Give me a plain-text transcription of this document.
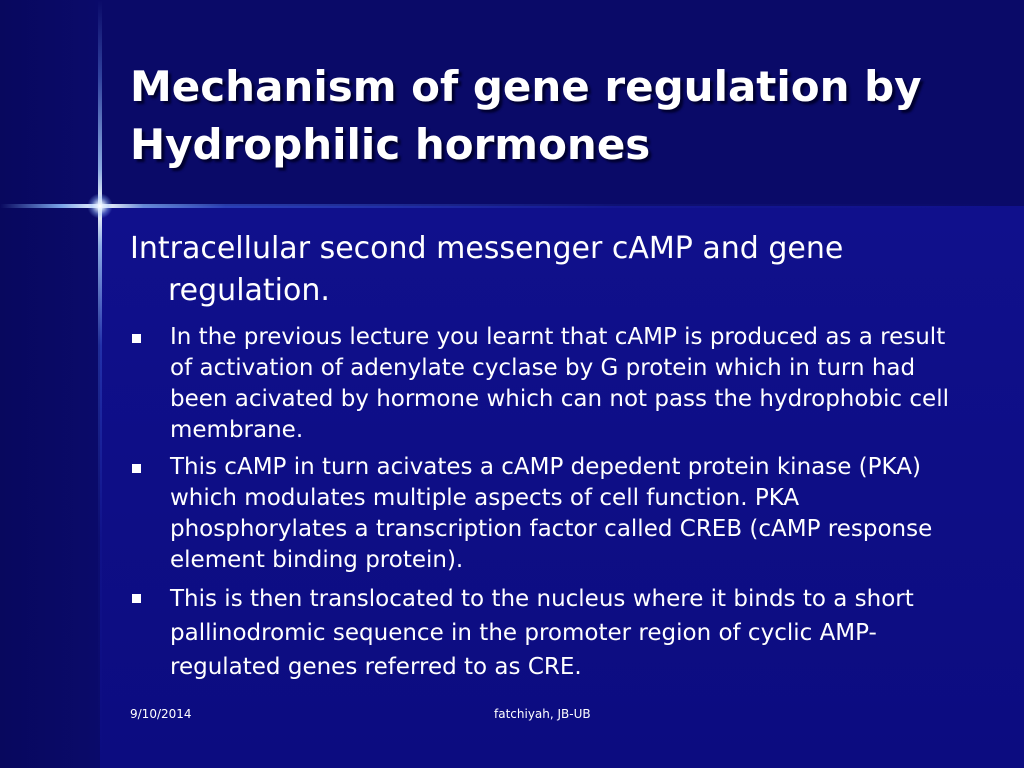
Mechanism of gene regulation by Hydrophilic hormones

Intracellular second messenger cAMP and gene regulation.

In the previous lecture you learnt that cAMP is produced as a result of activation of adenylate cyclase by G protein which in turn had been acivated by hormone which can not pass the hydrophobic cell membrane.
This cAMP in turn acivates a cAMP depedent protein kinase (PKA) which modulates multiple aspects of cell function. PKA phosphorylates a transcription factor called CREB (cAMP response element binding protein).
This is then translocated to the nucleus where it binds to a short pallinodromic sequence in the promoter region of cyclic AMP-regulated genes referred to as CRE.
9/10/2014	fatchiyah, JB-UB
